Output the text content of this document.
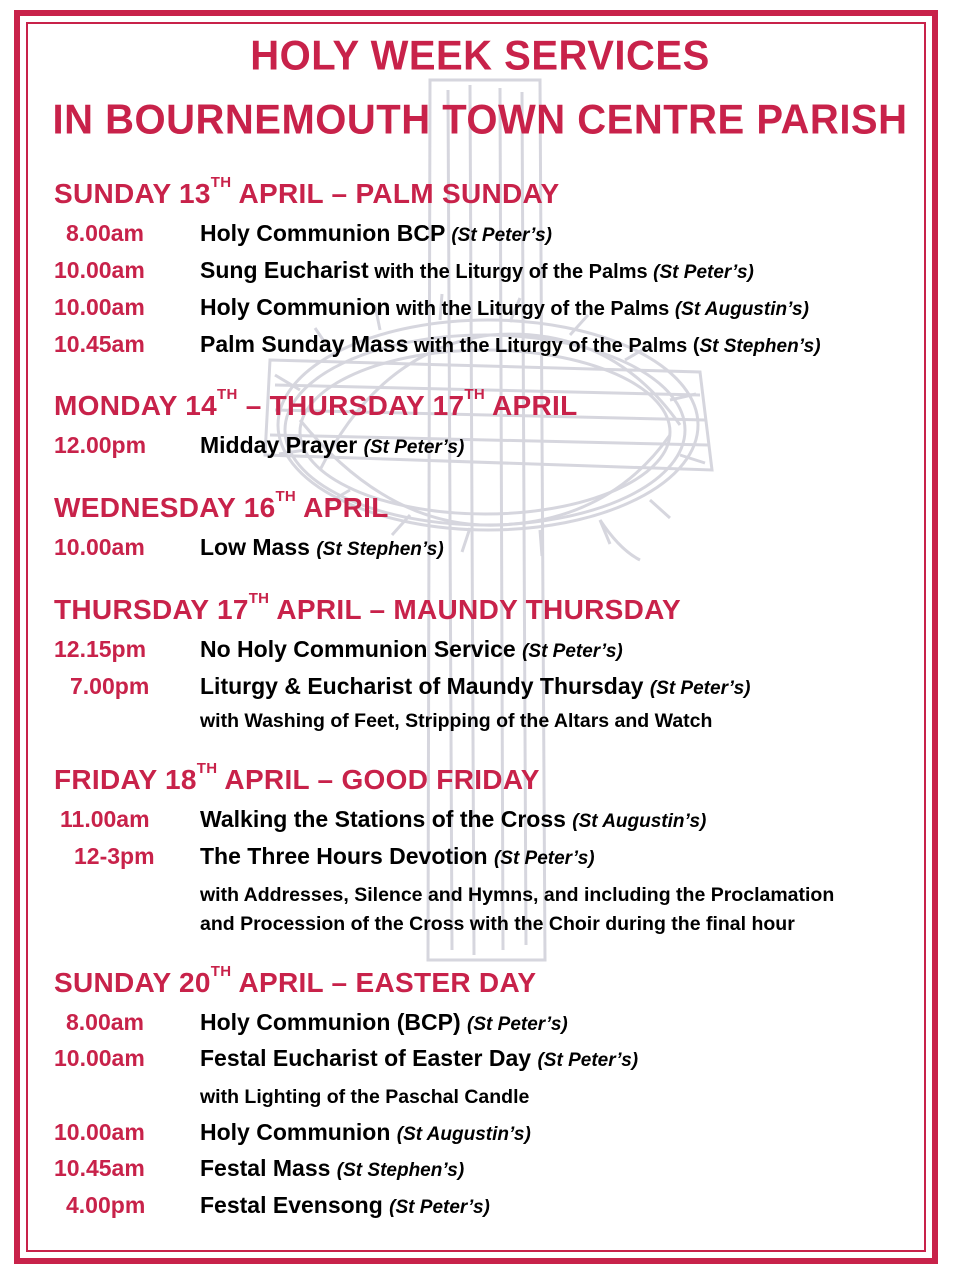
HOLY WEEK SERVICES
IN BOURNEMOUTH TOWN CENTRE PARISH
SUNDAY 13TH APRIL – PALM SUNDAY
8.00am Holy Communion BCP (St Peter’s)
10.00am Sung Eucharist with the Liturgy of the Palms (St Peter’s)
10.00am Holy Communion with the Liturgy of the Palms (St Augustin’s)
10.45am Palm Sunday Mass with the Liturgy of the Palms (St Stephen’s)
MONDAY 14TH – THURSDAY 17TH APRIL
12.00pm Midday Prayer (St Peter’s)
WEDNESDAY 16TH APRIL
10.00am Low Mass (St Stephen’s)
THURSDAY 17TH APRIL – MAUNDY THURSDAY
12.15pm No Holy Communion Service (St Peter’s)
7.00pm Liturgy & Eucharist of Maundy Thursday (St Peter’s)
with Washing of Feet, Stripping of the Altars and Watch
FRIDAY 18TH APRIL – GOOD FRIDAY
11.00am Walking the Stations of the Cross (St Augustin’s)
12-3pm The Three Hours Devotion (St Peter’s)
with Addresses, Silence and Hymns, and including the Proclamation
and Procession of the Cross with the Choir during the final hour
SUNDAY 20TH APRIL – EASTER DAY
8.00am Holy Communion (BCP) (St Peter’s)
10.00am Festal Eucharist of Easter Day (St Peter’s)
with Lighting of the Paschal Candle
10.00am Holy Communion (St Augustin’s)
10.45am Festal Mass (St Stephen’s)
4.00pm Festal Evensong (St Peter’s)
